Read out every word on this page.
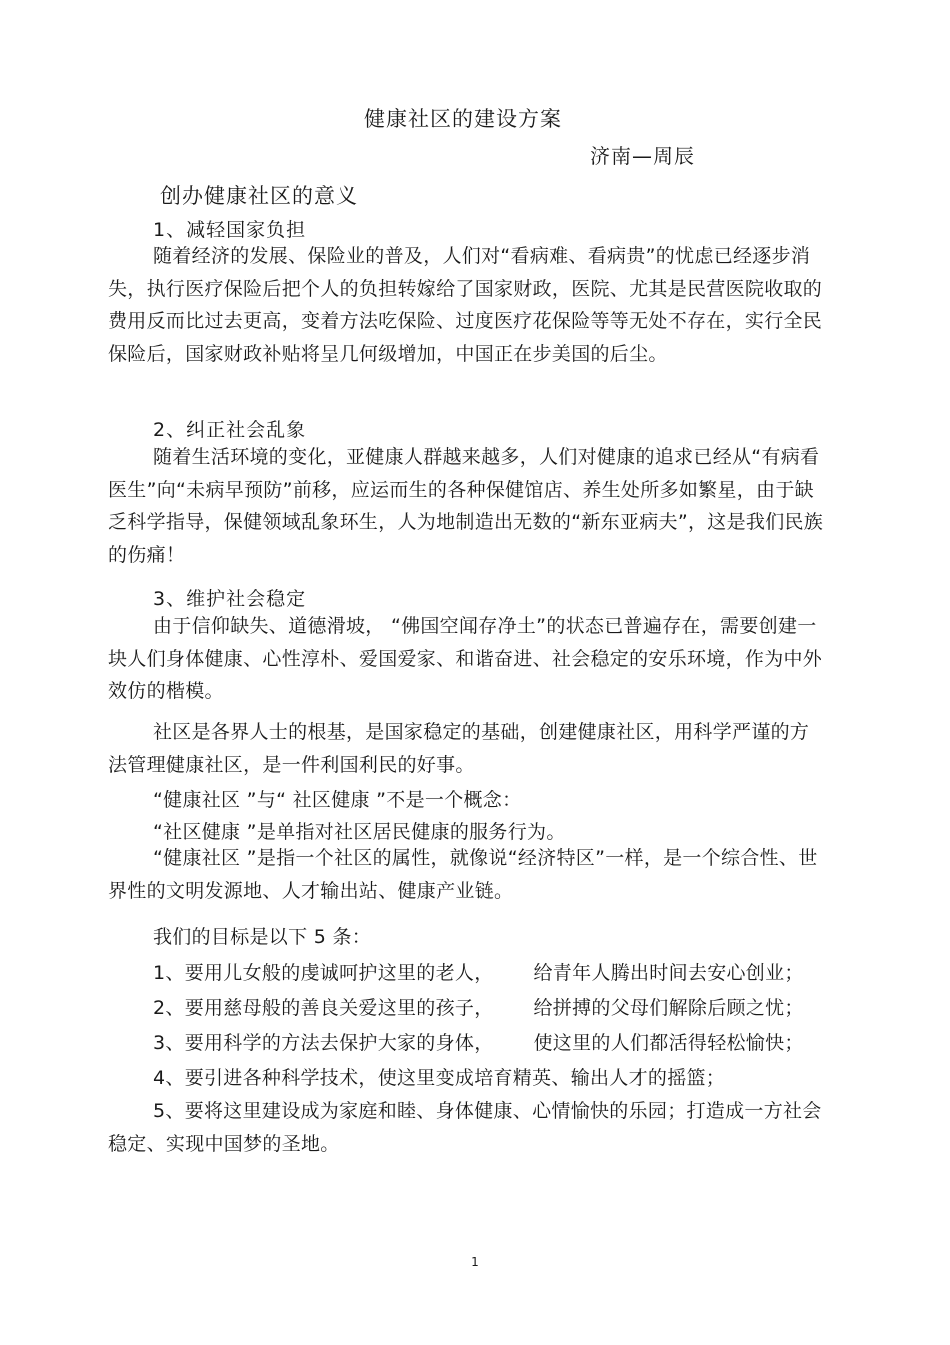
健康社区的建设方案
济南—周辰
创办健康社区的意义
1、减轻国家负担

随着经济的发展、保险业的普及，人们对“看病难、看病贵”的忧虑已经逐步消失，执行医疗保险后把个人的负担转嫁给了国家财政，医院、尤其是民营医院收取的费用反而比过去更高，变着方法吃保险、过度医疗花保险等等无处不存在，实行全民保险后，国家财政补贴将呈几何级增加，中国正在步美国的后尘。

2、纠正社会乱象

随着生活环境的变化，亚健康人群越来越多，人们对健康的追求已经从“有病看医生”向“未病早预防”前移，应运而生的各种保健馆店、养生处所多如繁星，由于缺乏科学指导，保健领域乱象环生，人为地制造出无数的“新东亚病夫”，这是我们民族的伤痛！

3、维护社会稳定

由于信仰缺失、道德滑坡， “佛国空闻存净土”的状态已普遍存在，需要创建一块人们身体健康、心性淳朴、爱国爱家、和谐奋进、社会稳定的安乐环境，作为中外效仿的楷模。

社区是各界人士的根基，是国家稳定的基础，创建健康社区，用科学严谨的方法管理健康社区，是一件利国利民的好事。

“健康社区 ”与“ 社区健康 ”不是一个概念：
“社区健康 ”是单指对社区居民健康的服务行为。

“健康社区 ”是指一个社区的属性，就像说“经济特区”一样，是一个综合性、世界性的文明发源地、人才输出站、健康产业链。

我们的目标是以下 5 条：
1、要用儿女般的虔诚呵护这里的老人， 给青年人腾出时间去安心创业；
2、要用慈母般的善良关爱这里的孩子， 给拼搏的父母们解除后顾之忧；
3、要用科学的方法去保护大家的身体， 使这里的人们都活得轻松愉快；
4、要引进各种科学技术，使这里变成培育精英、输出人才的摇篮；

5、要将这里建设成为家庭和睦、身体健康、心情愉快的乐园；打造成一方社会稳定、实现中国梦的圣地。

1
